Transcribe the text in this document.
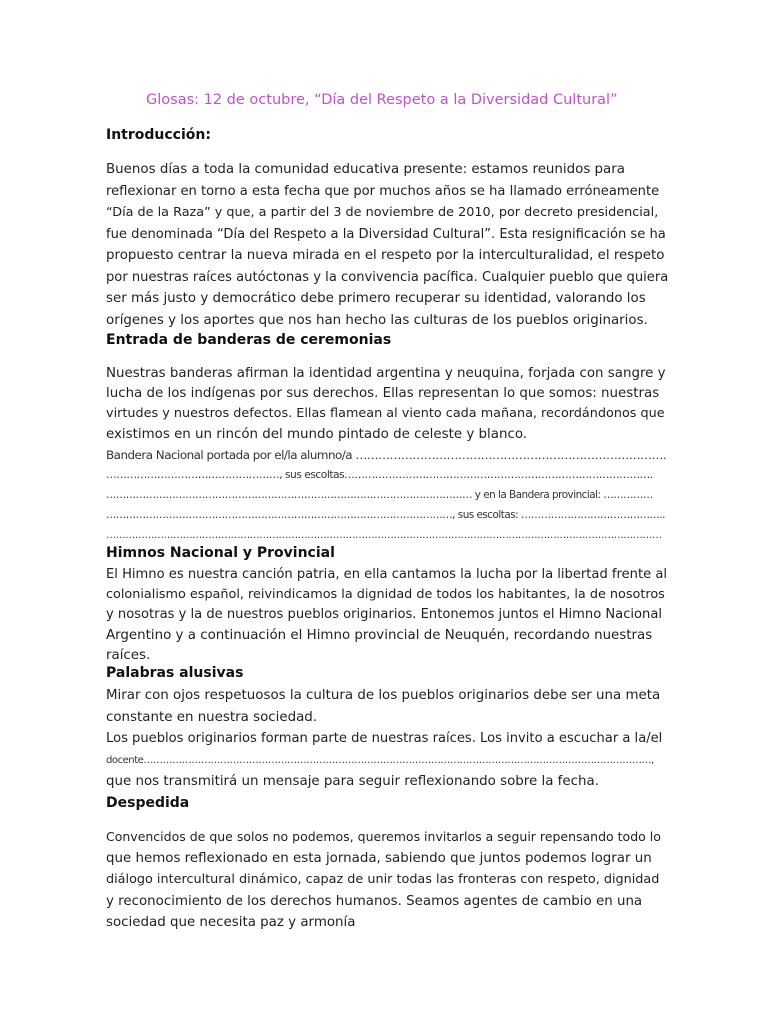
Glosas: 12 de octubre, “Día del Respeto a la Diversidad Cultural”
Introducción:
Buenos días a toda la comunidad educativa presente: estamos reunidos para
reflexionar en torno a esta fecha que por muchos años se ha llamado erróneamente
“Día de la Raza” y que, a partir del 3 de noviembre de 2010, por decreto presidencial,
fue denominada “Día del Respeto a la Diversidad Cultural”. Esta resignificación se ha
propuesto centrar la nueva mirada en el respeto por la interculturalidad, el respeto
por nuestras raíces autóctonas y la convivencia pacífica. Cualquier pueblo que quiera
ser más justo y democrático debe primero recuperar su identidad, valorando los
orígenes y los aportes que nos han hecho las culturas de los pueblos originarios.
Entrada de banderas de ceremonias
Nuestras banderas afirman la identidad argentina y neuquina, forjada con sangre y
lucha de los indígenas por sus derechos. Ellas representan lo que somos: nuestras
virtudes y nuestros defectos. Ellas flamean al viento cada mañana, recordándonos que
existimos en un rincón del mundo pintado de celeste y blanco.
Bandera Nacional portada por el/la alumno/a ……………………………………………………………………….
……………………………………………, sus escoltas……………………………………………………………………………….
………………………………………………………………………………………………… y en la Bandera provincial: ……………
……………………………………………………………………………………………, sus escoltas: ……………………………………..
…………………………………………………………………………………………………………………………………………………………
Himnos Nacional y Provincial
El Himno es nuestra canción patria, en ella cantamos la lucha por la libertad frente al
colonialismo español, reivindicamos la dignidad de todos los habitantes, la de nosotros
y nosotras y la de nuestros pueblos originarios. Entonemos juntos el Himno Nacional
Argentino y a continuación el Himno provincial de Neuquén, recordando nuestras
raíces.
Palabras alusivas
Mirar con ojos respetuosos la cultura de los pueblos originarios debe ser una meta
constante en nuestra sociedad.
Los pueblos originarios forman parte de nuestras raíces. Los invito a escuchar a la/el
docente……………………………………………………………………………………………………………………………………………,
que nos transmitirá un mensaje para seguir reflexionando sobre la fecha.
Despedida
Convencidos de que solos no podemos, queremos invitarlos a seguir repensando todo lo
que hemos reflexionado en esta jornada, sabiendo que juntos podemos lograr un
diálogo intercultural dinámico, capaz de unir todas las fronteras con respeto, dignidad
y reconocimiento de los derechos humanos. Seamos agentes de cambio en una
sociedad que necesita paz y armonía
